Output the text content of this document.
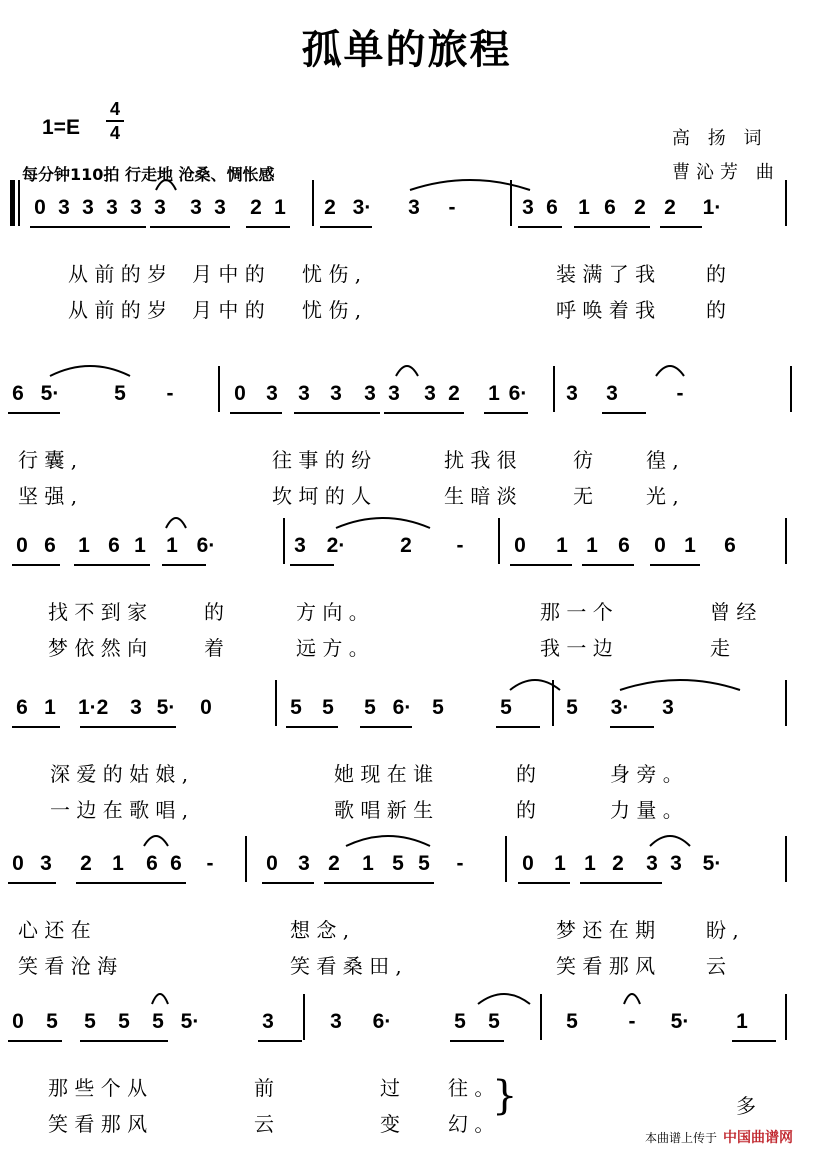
孤单的旅程
1=E
4
4
每分钟110拍 行走地 沧桑、惆怅感
高 扬 词
曹沁芳 曲
0 3 3 3 3 3 3 3 2 1 2 3· 3	-	3 6 1 6 2 2 1·
从 前 的 岁 月 中 的 忧 伤 ,	装 满 了 我	的
从 前 的 岁 月 中 的 忧 伤 ,	呼 唤 着 我	的
6 5·	5	-	0 3 3 3 3 3 3 2 1 6· 3 3	-
行 囊 ,	往 事 的 纷	扰 我 很	彷	徨 ,
坚 强 ,	坎 坷 的 人	生 暗 淡	无	光 ,
0 6 1 6 1 1 6·	3 2·	2	-	0 1 1 6 0 1 6
找 不 到 家	的	方 向 。	那 一 个	曾 经
梦 依 然 向	着	远 方 。	我 一 边	走
6 1 1·2 3 5· 0	5 5 5 6· 5	5	5 3· 3
深 爱 的 姑 娘 ,	她 现 在 谁	的	身 旁 。
一 边 在 歌 唱 ,	歌 唱 新 生	的	力 量 。
0 3 2 1 6 6	-	0 3 2 1 5 5	-	0 1 1 2 3 3 5·
心 还 在	想 念 ,	梦 还 在 期	盼 ,
笑 看 沧 海	笑 看 桑 田 ,	笑 看 那 风	云
0 5 5 5 5 5·	3	3 6·	5 5	5	-	5· 1
那 些 个 从	前	过 往 。
笑 看 那 风	云	变 幻 。
}	多
本曲谱上传于 中国曲谱网
